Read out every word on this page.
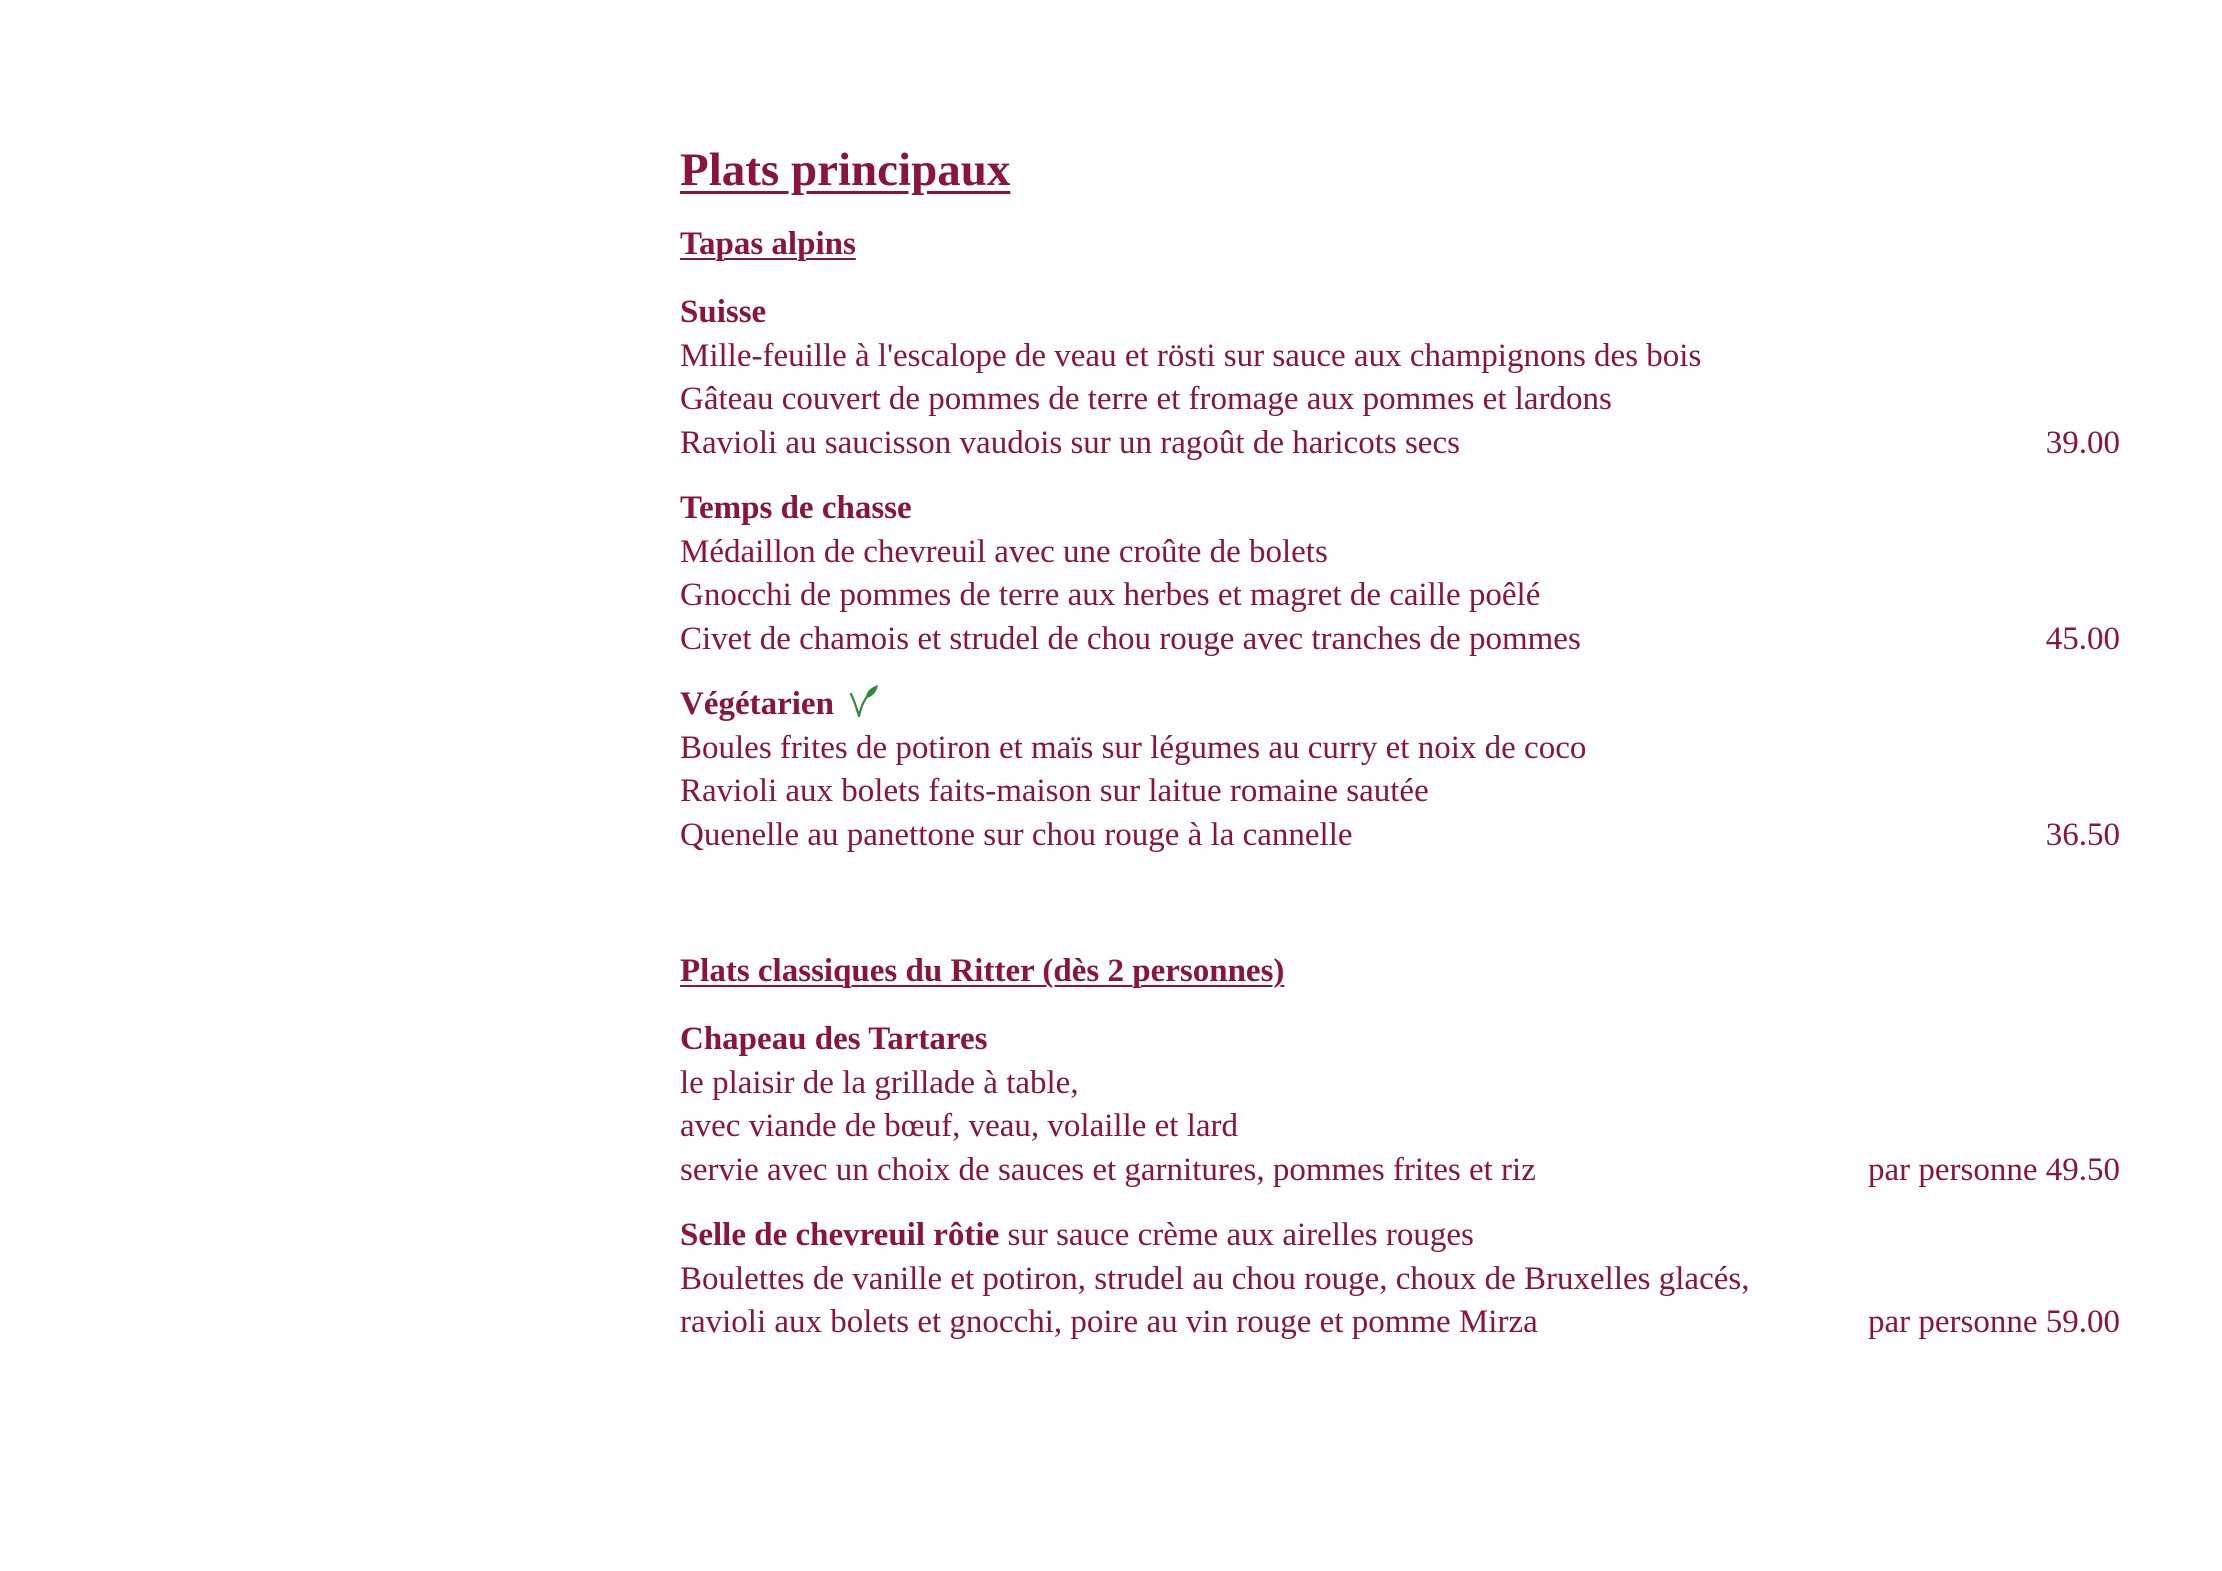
Plats principaux
Tapas alpins
Suisse
Mille-feuille à l'escalope de veau et rösti sur sauce aux champignons des bois
Gâteau couvert de pommes de terre et fromage aux pommes et lardons
Ravioli au saucisson vaudois sur un ragoût de haricots secs	39.00
Temps de chasse
Médaillon de chevreuil avec une croûte de bolets
Gnocchi de pommes de terre aux herbes et magret de caille poêlé
Civet de chamois et strudel de chou rouge avec tranches de pommes	45.00
Végétarien
Boules frites de potiron et maïs sur légumes au curry et noix de coco
Ravioli aux bolets faits-maison sur laitue romaine sautée
Quenelle au panettone sur chou rouge à la cannelle	36.50
Plats classiques du Ritter (dès 2 personnes)
Chapeau des Tartares
le plaisir de la grillade à table,
avec viande de bœuf, veau, volaille et lard
servie avec un choix de sauces et garnitures, pommes frites et riz	par personne 49.50
Selle de chevreuil rôtie sur sauce crème aux airelles rouges
Boulettes de vanille et potiron, strudel au chou rouge, choux de Bruxelles glacés,
ravioli aux bolets et gnocchi, poire au vin rouge et pomme Mirza	par personne 59.00
